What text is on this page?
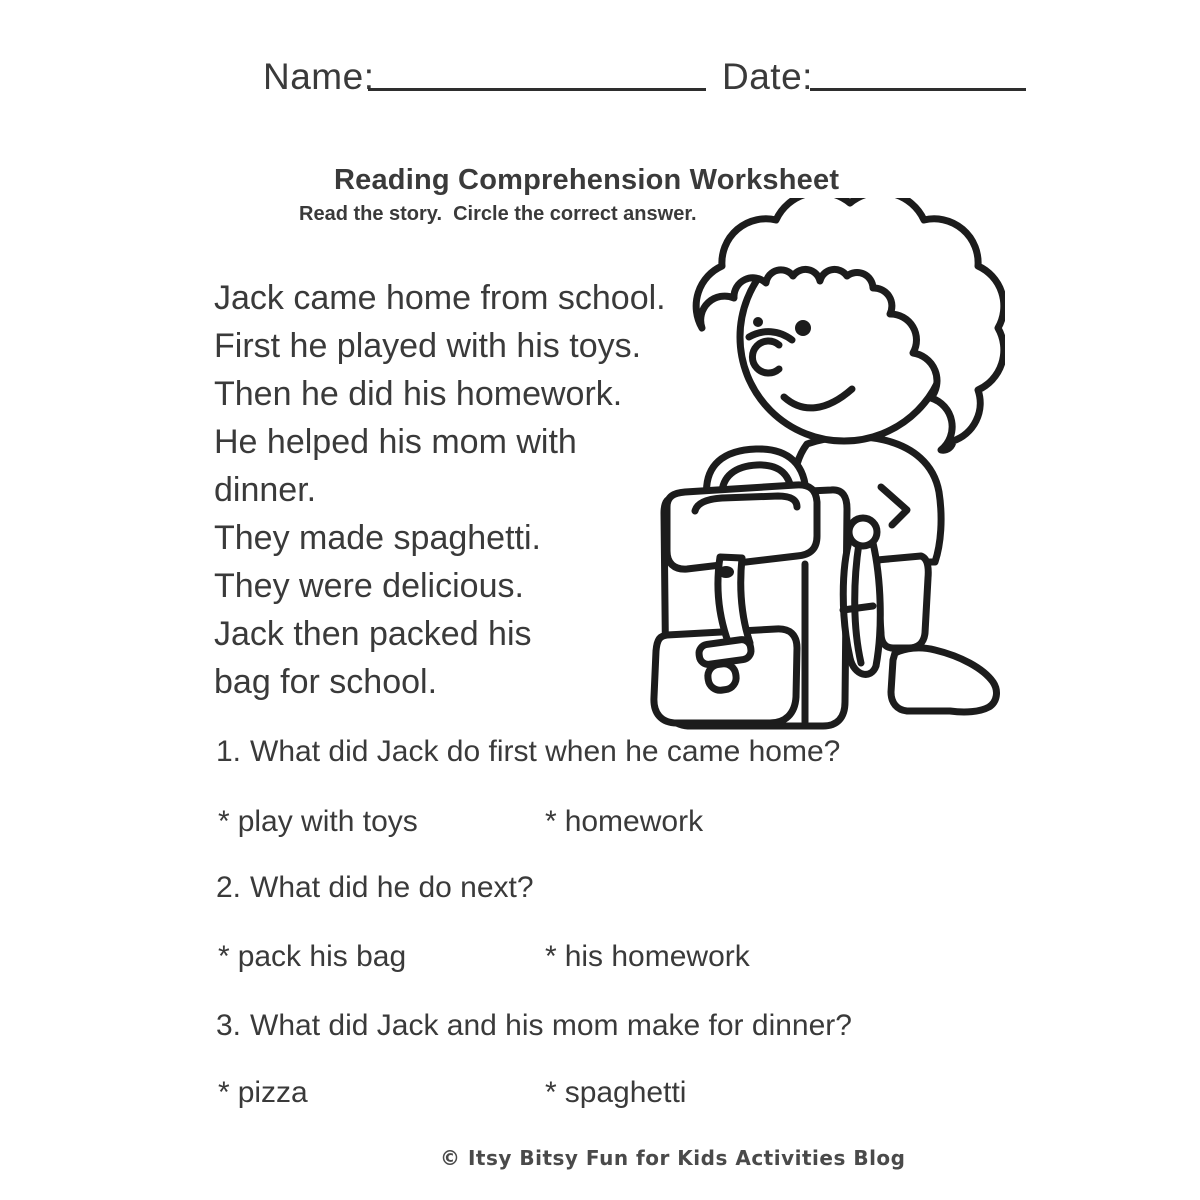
Name:	Date:
Reading Comprehension Worksheet
Read the story.  Circle the correct answer.

Jack came home from school.

First he played with his toys.

Then he did his homework.

He helped his mom with

dinner.

They made spaghetti.

They were delicious.

Jack then packed his

bag for school.

1. What did Jack do first when he came home?
* play with toys	* homework
2. What did he do next?
* pack his bag	* his homework
3. What did Jack and his mom make for dinner?
* pizza	* spaghetti
© Itsy Bitsy Fun for Kids Activities Blog
